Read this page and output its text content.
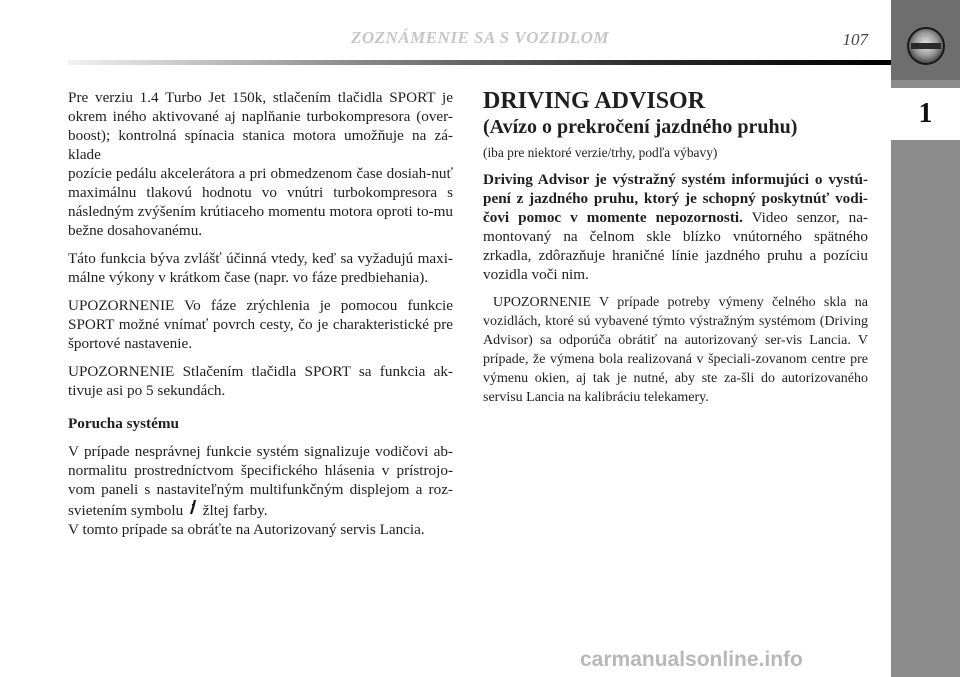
ZOZNÁMENIE SA S VOZIDLOM	107
1

Pre verziu 1.4 Turbo Jet 150k, stlačením tlačidla SPORT je okrem iného aktivované aj naplňanie turbokompresora (over-boost); kontrolná spínacia stanica motora umožňuje na zá-klade

pozície pedálu akcelerátora a pri obmedzenom čase dosiah-nuť maximálnu tlakovú hodnotu vo vnútri turbokompresora s následným zvýšením krútiaceho momentu motora oproti to-mu bežne dosahovanému.

Táto funkcia býva zvlášť účinná vtedy, keď sa vyžadujú maxi-málne výkony v krátkom čase (napr. vo fáze predbiehania).

UPOZORNENIE Vo fáze zrýchlenia je pomocou funkcie SPORT možné vnímať povrch cesty, čo je charakteristické pre športové nastavenie.

UPOZORNENIE Stlačením tlačidla SPORT sa funkcia ak-tivuje asi po 5 sekundách.

Porucha systému

V prípade nesprávnej funkcie systém signalizuje vodičovi ab-normalitu prostredníctvom špecifického hlásenia v prístrojo-vom paneli s nastaviteľným multifunkčným displejom a roz-svietením symbolu žltej farby.

V tomto prípade sa obráťte na Autorizovaný servis Lancia.

DRIVING ADVISOR
(Avízo o prekročení jazdného pruhu)

(iba pre niektoré verzie/trhy, podľa výbavy)

Driving Advisor je výstražný systém informujúci o vystú-pení z jazdného pruhu, ktorý je schopný poskytnúť vodi-čovi pomoc v momente nepozornosti. Video senzor, na-montovaný na čelnom skle blízko vnútorného spätného zrkadla, zdôrazňuje hraničné línie jazdného pruhu a pozíciu vozidla voči nim.

UPOZORNENIE V prípade potreby výmeny čelného skla na vozidlách, ktoré sú vybavené týmto výstražným systémom (Driving Advisor) sa odporúča obrátiť na autorizovaný ser-vis Lancia. V prípade, že výmena bola realizovaná v špeciali-zovanom centre pre výmenu okien, aj tak je nutné, aby ste za-šli do autorizovaného servisu Lancia na kalibráciu telekamery.

carmanualsonline.info
